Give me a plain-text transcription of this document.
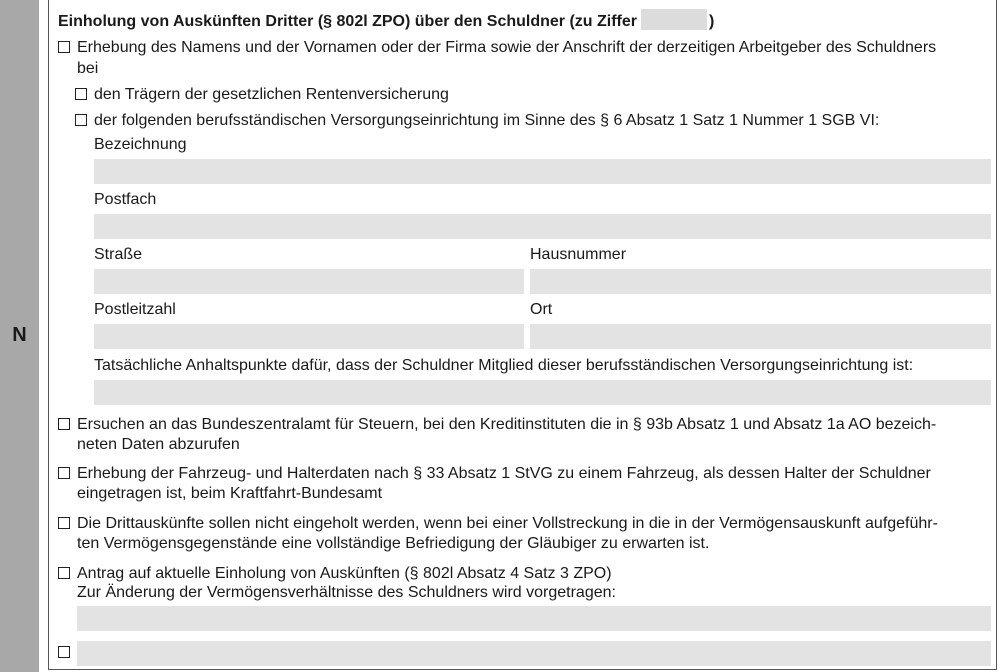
N
Einholung von Auskünften Dritter (§ 802l ZPO) über den Schuldner (zu Ziffer	)
Erhebung des Namens und der Vornamen oder der Firma sowie der Anschrift der derzeitigen Arbeitgeber des Schuldners
bei
den Trägern der gesetzlichen Rentenversicherung
der folgenden berufsständischen Versorgungseinrichtung im Sinne des § 6 Absatz 1 Satz 1 Nummer 1 SGB VI:
Bezeichnung
Postfach
Straße	Hausnummer
Postleitzahl	Ort
Tatsächliche Anhaltspunkte dafür, dass der Schuldner Mitglied dieser berufsständischen Versorgungseinrichtung ist:
Ersuchen an das Bundeszentralamt für Steuern, bei den Kreditinstituten die in § 93b Absatz 1 und Absatz 1a AO bezeich-
neten Daten abzurufen
Erhebung der Fahrzeug- und Halterdaten nach § 33 Absatz 1 StVG zu einem Fahrzeug, als dessen Halter der Schuldner
eingetragen ist, beim Kraftfahrt-Bundesamt
Die Drittauskünfte sollen nicht eingeholt werden, wenn bei einer Vollstreckung in die in der Vermögensauskunft aufgeführ-
ten Vermögensgegenstände eine vollständige Befriedigung der Gläubiger zu erwarten ist.
Antrag auf aktuelle Einholung von Auskünften (§ 802l Absatz 4 Satz 3 ZPO)
Zur Änderung der Vermögensverhältnisse des Schuldners wird vorgetragen:
